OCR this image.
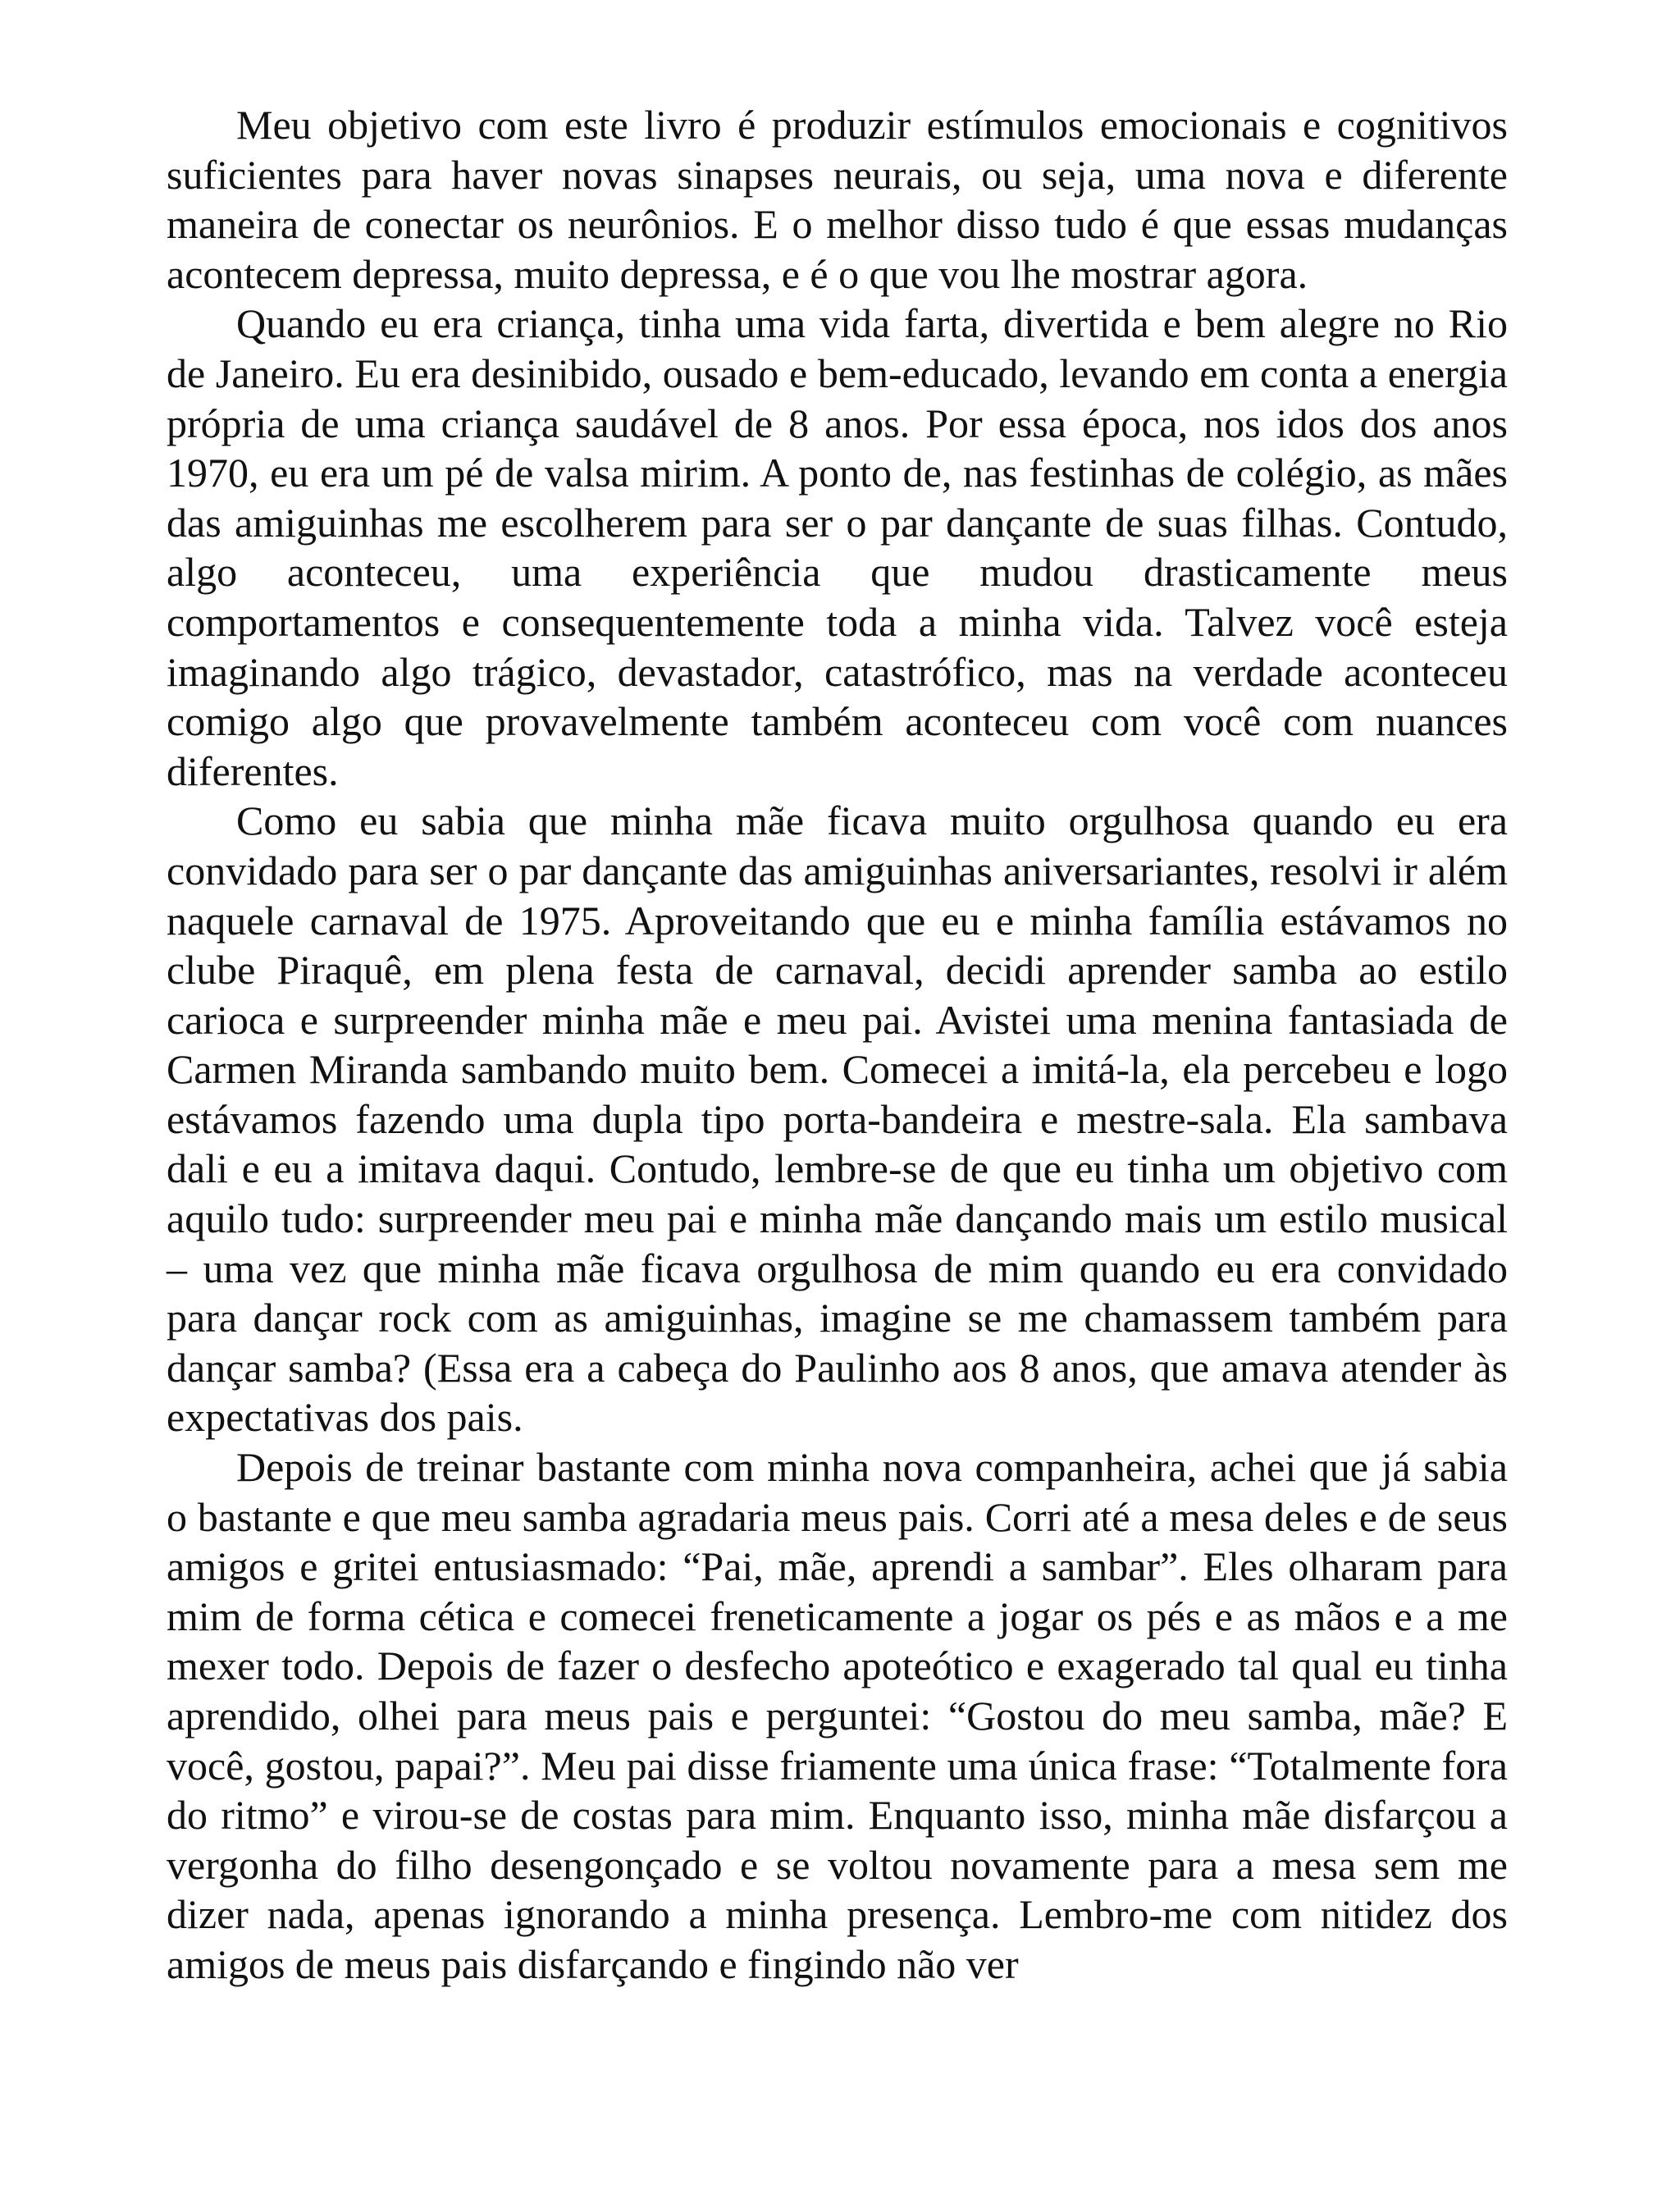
Meu objetivo com este livro é produzir estímulos emocionais e cognitivos suficientes para haver novas sinapses neurais, ou seja, uma nova e diferente maneira de conectar os neurônios. E o melhor disso tudo é que essas mudanças acontecem depressa, muito depressa, e é o que vou lhe mostrar agora.

Quando eu era criança, tinha uma vida farta, divertida e bem alegre no Rio de Janeiro. Eu era desinibido, ousado e bem-educado, levando em conta a energia própria de uma criança saudável de 8 anos. Por essa época, nos idos dos anos 1970, eu era um pé de valsa mirim. A ponto de, nas festinhas de colégio, as mães das amiguinhas me escolherem para ser o par dançante de suas filhas. Contudo, algo aconteceu, uma experiência que mudou drasticamente meus comportamentos e consequentemente toda a minha vida. Talvez você esteja imaginando algo trágico, devastador, catastrófico, mas na verdade aconteceu comigo algo que provavelmente também aconteceu com você com nuances diferentes.

Como eu sabia que minha mãe ficava muito orgulhosa quando eu era convidado para ser o par dançante das amiguinhas aniversariantes, resolvi ir além naquele carnaval de 1975. Aproveitando que eu e minha família estávamos no clube Piraquê, em plena festa de carnaval, decidi aprender samba ao estilo carioca e surpreender minha mãe e meu pai. Avistei uma menina fantasiada de Carmen Miranda sambando muito bem. Comecei a imitá-la, ela percebeu e logo estávamos fazendo uma dupla tipo porta-bandeira e mestre-sala. Ela sambava dali e eu a imitava daqui. Contudo, lembre-se de que eu tinha um objetivo com aquilo tudo: surpreender meu pai e minha mãe dançando mais um estilo musical – uma vez que minha mãe ficava orgulhosa de mim quando eu era convidado para dançar rock com as amiguinhas, imagine se me chamassem também para dançar samba? (Essa era a cabeça do Paulinho aos 8 anos, que amava atender às expectativas dos pais.

Depois de treinar bastante com minha nova companheira, achei que já sabia o bastante e que meu samba agradaria meus pais. Corri até a mesa deles e de seus amigos e gritei entusiasmado: “Pai, mãe, aprendi a sambar”. Eles olharam para mim de forma cética e comecei freneticamente a jogar os pés e as mãos e a me mexer todo. Depois de fazer o desfecho apoteótico e exagerado tal qual eu tinha aprendido, olhei para meus pais e perguntei: “Gostou do meu samba, mãe? E você, gostou, papai?”. Meu pai disse friamente uma única frase: “Totalmente fora do ritmo” e virou-se de costas para mim. Enquanto isso, minha mãe disfarçou a vergonha do filho desengonçado e se voltou novamente para a mesa sem me dizer nada, apenas ignorando a minha presença. Lembro-me com nitidez dos amigos de meus pais disfarçando e fingindo não ver
